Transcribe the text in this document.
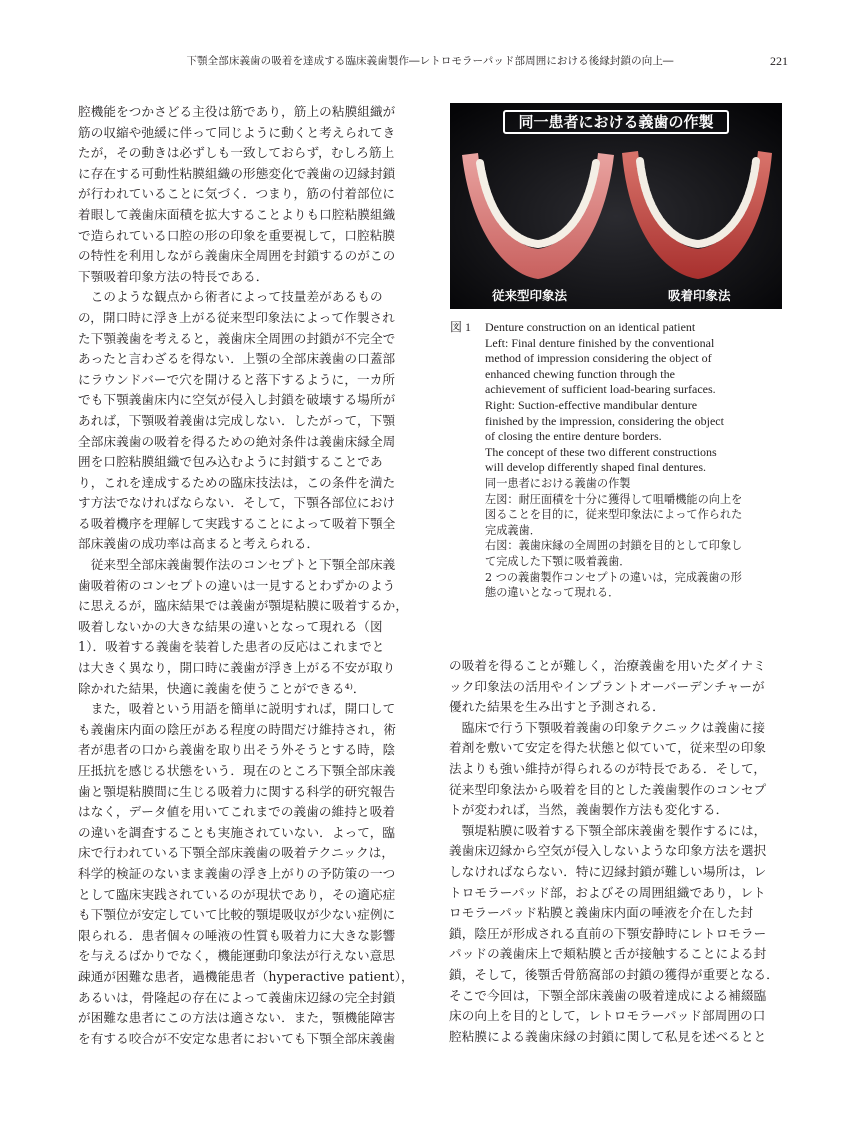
下顎全部床義歯の吸着を達成する臨床義歯製作―レトロモラーパッド部周囲における後縁封鎖の向上―	221

腔機能をつかさどる主役は筋であり，筋上の粘膜組織が

筋の収縮や弛緩に伴って同じように動くと考えられてき

たが，その動きは必ずしも一致しておらず，むしろ筋上

に存在する可動性粘膜組織の形態変化で義歯の辺縁封鎖

が行われていることに気づく．つまり，筋の付着部位に

着眼して義歯床面積を拡大することよりも口腔粘膜組織

で造られている口腔の形の印象を重要視して，口腔粘膜

の特性を利用しながら義歯床全周囲を封鎖するのがこの

下顎吸着印象方法の特長である．

　このような観点から術者によって技量差があるもの

の，開口時に浮き上がる従来型印象法によって作製され

た下顎義歯を考えると，義歯床全周囲の封鎖が不完全で

あったと言わざるを得ない．上顎の全部床義歯の口蓋部

にラウンドバーで穴を開けると落下するように，一カ所

でも下顎義歯床内に空気が侵入し封鎖を破壊する場所が

あれば，下顎吸着義歯は完成しない．したがって，下顎

全部床義歯の吸着を得るための絶対条件は義歯床縁全周

囲を口腔粘膜組織で包み込むように封鎖することであ

り，これを達成するための臨床技法は，この条件を満た

す方法でなければならない．そして，下顎各部位におけ

る吸着機序を理解して実践することによって吸着下顎全

部床義歯の成功率は高まると考えられる．

　従来型全部床義歯製作法のコンセプトと下顎全部床義

歯吸着術のコンセプトの違いは一見するとわずかのよう

に思えるが，臨床結果では義歯が顎堤粘膜に吸着するか，

吸着しないかの大きな結果の違いとなって現れる（図

1）．吸着する義歯を装着した患者の反応はこれまでと

は大きく異なり，開口時に義歯が浮き上がる不安が取り

除かれた結果，快適に義歯を使うことができる⁴⁾．

　また，吸着という用語を簡単に説明すれば，開口して

も義歯床内面の陰圧がある程度の時間だけ維持され，術

者が患者の口から義歯を取り出そう外そうとする時，陰

圧抵抗を感じる状態をいう．現在のところ下顎全部床義

歯と顎堤粘膜間に生じる吸着力に関する科学的研究報告

はなく，データ値を用いてこれまでの義歯の維持と吸着

の違いを調査することも実施されていない．よって，臨

床で行われている下顎全部床義歯の吸着テクニックは，

科学的検証のないまま義歯の浮き上がりの予防策の一つ

として臨床実践されているのが現状であり，その適応症

も下顎位が安定していて比較的顎堤吸収が少ない症例に

限られる．患者個々の唾液の性質も吸着力に大きな影響

を与えるばかりでなく，機能運動印象法が行えない意思

疎通が困難な患者，過機能患者（hyperactive patient），

あるいは，骨隆起の存在によって義歯床辺縁の完全封鎖

が困難な患者にこの方法は適さない．また，顎機能障害

を有する咬合が不安定な患者においても下顎全部床義歯

同一患者における義歯の作製
従来型印象法	吸着印象法
図 1 Denture construction on an identical patient

Left: Final denture finished by the conventional

method of impression considering the object of

enhanced chewing function through the

achievement of sufficient load-bearing surfaces.

Right: Suction-effective mandibular denture

finished by the impression, considering the object

of closing the entire denture borders.

The concept of these two different constructions

will develop differently shaped final dentures.

同一患者における義歯の作製

左図：耐圧面積を十分に獲得して咀嚼機能の向上を

図ることを目的に，従来型印象法によって作られた

完成義歯．

右図：義歯床縁の全周囲の封鎖を目的として印象し

て完成した下顎に吸着義歯．

2 つの義歯製作コンセプトの違いは，完成義歯の形

態の違いとなって現れる．

の吸着を得ることが難しく，治療義歯を用いたダイナミ

ック印象法の活用やインプラントオーバーデンチャーが

優れた結果を生み出すと予測される．

　臨床で行う下顎吸着義歯の印象テクニックは義歯に接

着剤を敷いて安定を得た状態と似ていて，従来型の印象

法よりも強い維持が得られるのが特長である．そして，

従来型印象法から吸着を目的とした義歯製作のコンセプ

トが変われば，当然，義歯製作方法も変化する．

　顎堤粘膜に吸着する下顎全部床義歯を製作するには，

義歯床辺縁から空気が侵入しないような印象方法を選択

しなければならない．特に辺縁封鎖が難しい場所は，レ

トロモラーパッド部，およびその周囲組織であり，レト

ロモラーパッド粘膜と義歯床内面の唾液を介在した封

鎖，陰圧が形成される直前の下顎安静時にレトロモラー

パッドの義歯床上で頬粘膜と舌が接触することによる封

鎖，そして，後顎舌骨筋窩部の封鎖の獲得が重要となる．

そこで今回は，下顎全部床義歯の吸着達成による補綴臨

床の向上を目的として，レトロモラーパッド部周囲の口

腔粘膜による義歯床縁の封鎖に関して私見を述べるとと
